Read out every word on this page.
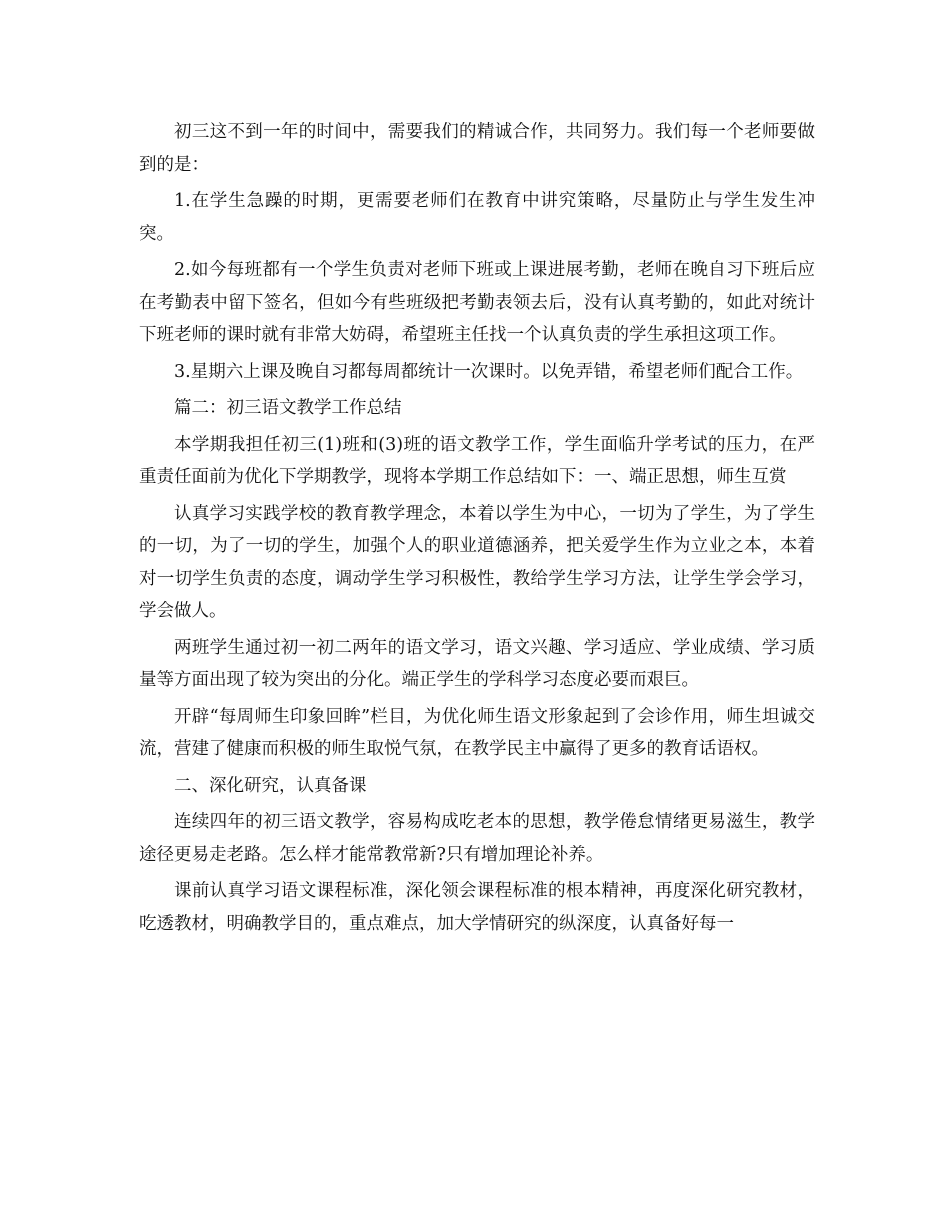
初三这不到一年的时间中，需要我们的精诚合作，共同努力。我们每一个老师要做到的是：

1.在学生急躁的时期，更需要老师们在教育中讲究策略，尽量防止与学生发生冲突。

2.如今每班都有一个学生负责对老师下班或上课进展考勤，老师在晚自习下班后应在考勤表中留下签名，但如今有些班级把考勤表领去后，没有认真考勤的，如此对统计下班老师的课时就有非常大妨碍，希望班主任找一个认真负责的学生承担这项工作。

3.星期六上课及晚自习都每周都统计一次课时。以免弄错，希望老师们配合工作。

篇二：初三语文教学工作总结

本学期我担任初三(1)班和(3)班的语文教学工作，学生面临升学考试的压力，在严重责任面前为优化下学期教学，现将本学期工作总结如下：一、端正思想，师生互赏

认真学习实践学校的教育教学理念，本着以学生为中心，一切为了学生，为了学生的一切，为了一切的学生，加强个人的职业道德涵养，把关爱学生作为立业之本，本着对一切学生负责的态度，调动学生学习积极性，教给学生学习方法，让学生学会学习，学会做人。

两班学生通过初一初二两年的语文学习，语文兴趣、学习适应、学业成绩、学习质量等方面出现了较为突出的分化。端正学生的学科学习态度必要而艰巨。

开辟“每周师生印象回眸”栏目，为优化师生语文形象起到了会诊作用，师生坦诚交流，营建了健康而积极的师生取悦气氛，在教学民主中赢得了更多的教育话语权。

二、深化研究，认真备课

连续四年的初三语文教学，容易构成吃老本的思想，教学倦怠情绪更易滋生，教学途径更易走老路。怎么样才能常教常新?只有增加理论补养。

课前认真学习语文课程标准，深化领会课程标准的根本精神，再度深化研究教材，吃透教材，明确教学目的，重点难点，加大学情研究的纵深度，认真备好每一
